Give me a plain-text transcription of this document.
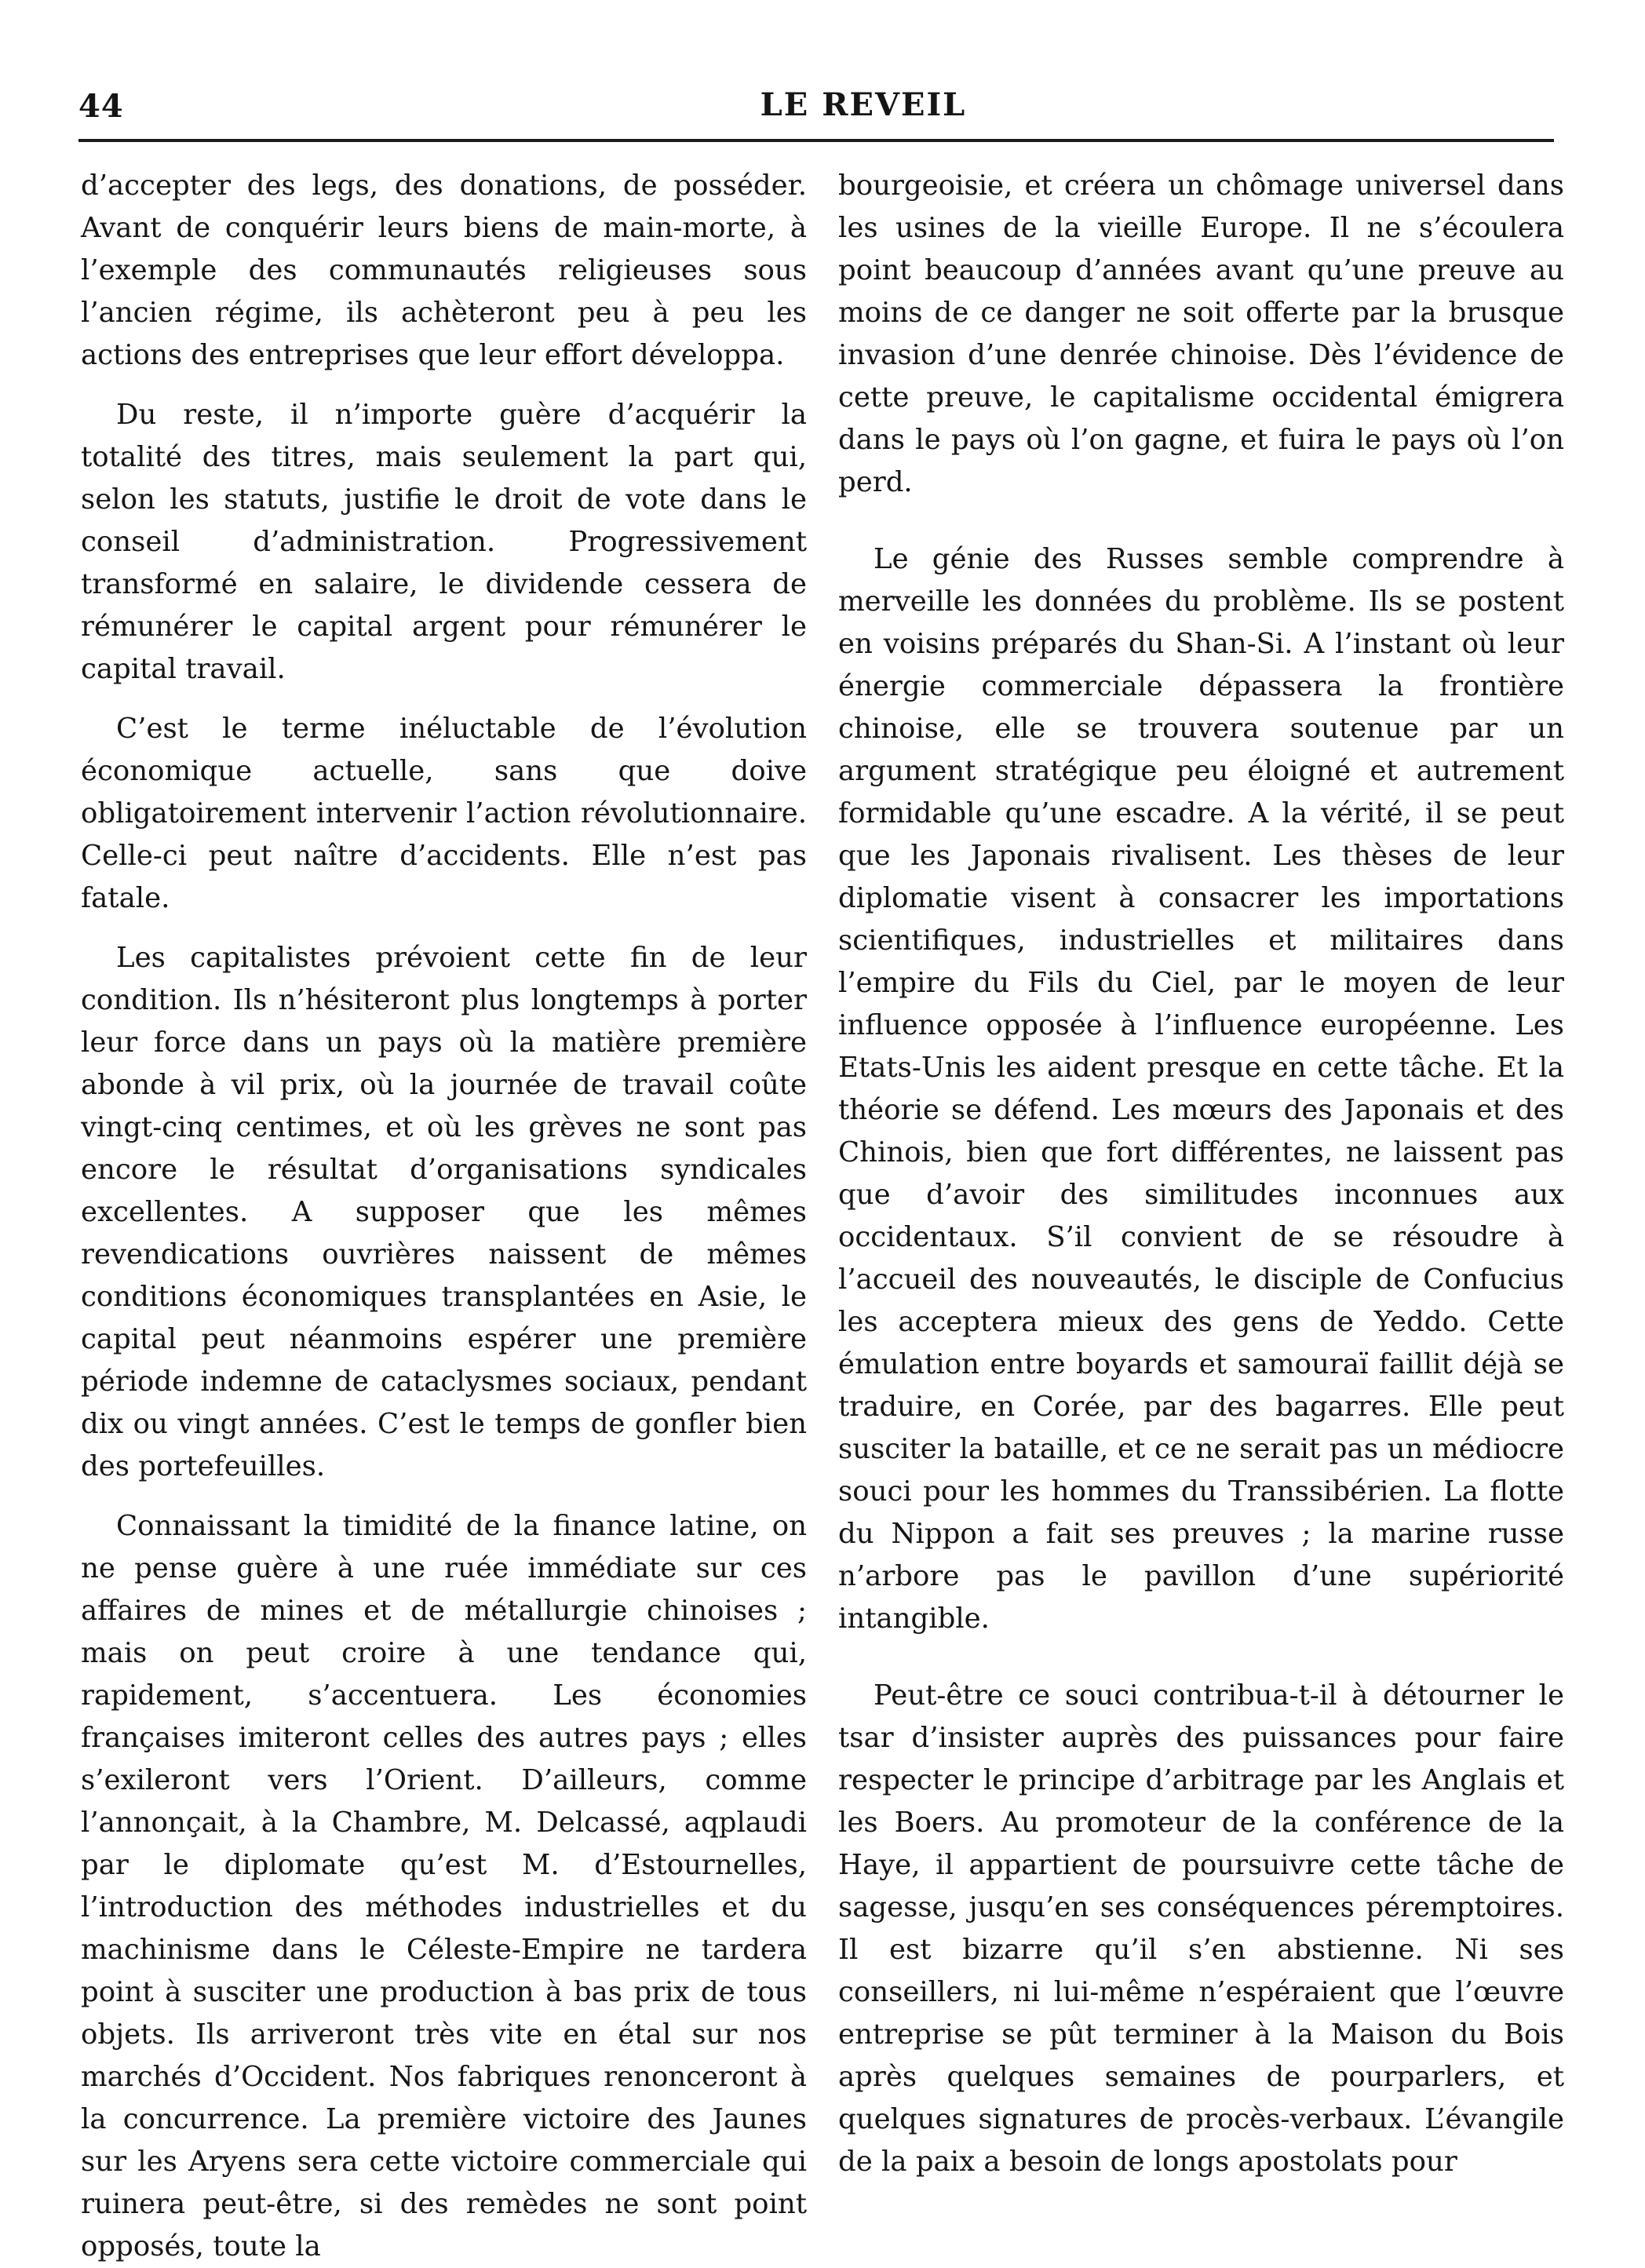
44	LE REVEIL

d’accepter des legs, des donations, de posséder. Avant de conquérir leurs biens de main-morte, à l’exemple des communautés religieuses sous l’ancien régime, ils achèteront peu à peu les actions des entreprises que leur effort développa.

Du reste, il n’importe guère d’acquérir la totalité des titres, mais seulement la part qui, selon les statuts, justifie le droit de vote dans le conseil d’administration. Progressivement transformé en salaire, le dividende cessera de rémunérer le capital argent pour rémunérer le capital travail.

C’est le terme inéluctable de l’évolution économique actuelle, sans que doive obligatoirement intervenir l’action révolutionnaire. Celle-ci peut naître d’accidents. Elle n’est pas fatale.

Les capitalistes prévoient cette fin de leur condition. Ils n’hésiteront plus longtemps à porter leur force dans un pays où la matière première abonde à vil prix, où la journée de travail coûte vingt-cinq centimes, et où les grèves ne sont pas encore le résultat d’organisations syndicales excellentes. A supposer que les mêmes revendications ouvrières naissent de mêmes conditions économiques transplantées en Asie, le capital peut néanmoins espérer une première période indemne de cataclysmes sociaux, pendant dix ou vingt années. C’est le temps de gonfler bien des portefeuilles.

Connaissant la timidité de la finance latine, on ne pense guère à une ruée immédiate sur ces affaires de mines et de métallurgie chinoises ; mais on peut croire à une tendance qui, rapidement, s’accentuera. Les économies françaises imiteront celles des autres pays ; elles s’exileront vers l’Orient. D’ailleurs, comme l’annonçait, à la Chambre, M. Delcassé, aqplaudi par le diplomate qu’est M. d’Estournelles, l’introduction des méthodes industrielles et du machinisme dans le Céleste-Empire ne tardera point à susciter une production à bas prix de tous objets. Ils arriveront très vite en étal sur nos marchés d’Occident. Nos fabriques renonceront à la concurrence. La première victoire des Jaunes sur les Aryens sera cette victoire commerciale qui ruinera peut-être, si des remèdes ne sont point opposés, toute la

bourgeoisie, et créera un chômage universel dans les usines de la vieille Europe. Il ne s’écoulera point beaucoup d’années avant qu’une preuve au moins de ce danger ne soit offerte par la brusque invasion d’une denrée chinoise. Dès l’évidence de cette preuve, le capitalisme occidental émigrera dans le pays où l’on gagne, et fuira le pays où l’on perd.

Le génie des Russes semble comprendre à merveille les données du problème. Ils se postent en voisins préparés du Shan-Si. A l’instant où leur énergie commerciale dépassera la frontière chinoise, elle se trouvera soutenue par un argument stratégique peu éloigné et autrement formidable qu’une escadre. A la vérité, il se peut que les Japonais rivalisent. Les thèses de leur diplomatie visent à consacrer les importations scientifiques, industrielles et militaires dans l’empire du Fils du Ciel, par le moyen de leur influence opposée à l’influence européenne. Les Etats-Unis les aident presque en cette tâche. Et la théorie se défend. Les mœurs des Japonais et des Chinois, bien que fort différentes, ne laissent pas que d’avoir des similitudes inconnues aux occidentaux. S’il convient de se résoudre à l’accueil des nouveautés, le disciple de Confucius les acceptera mieux des gens de Yeddo. Cette émulation entre boyards et samouraï faillit déjà se traduire, en Corée, par des bagarres. Elle peut susciter la bataille, et ce ne serait pas un médiocre souci pour les hommes du Transsibérien. La flotte du Nippon a fait ses preuves ; la marine russe n’arbore pas le pavillon d’une supériorité intangible.

Peut-être ce souci contribua-t-il à détourner le tsar d’insister auprès des puissances pour faire respecter le principe d’arbitrage par les Anglais et les Boers. Au promoteur de la conférence de la Haye, il appartient de poursuivre cette tâche de sagesse, jusqu’en ses conséquences péremptoires. Il est bizarre qu’il s’en abstienne. Ni ses conseillers, ni lui-même n’espéraient que l’œuvre entreprise se pût terminer à la Maison du Bois après quelques semaines de pourparlers, et quelques signatures de procès-verbaux. L’évangile de la paix a besoin de longs apostolats pour
